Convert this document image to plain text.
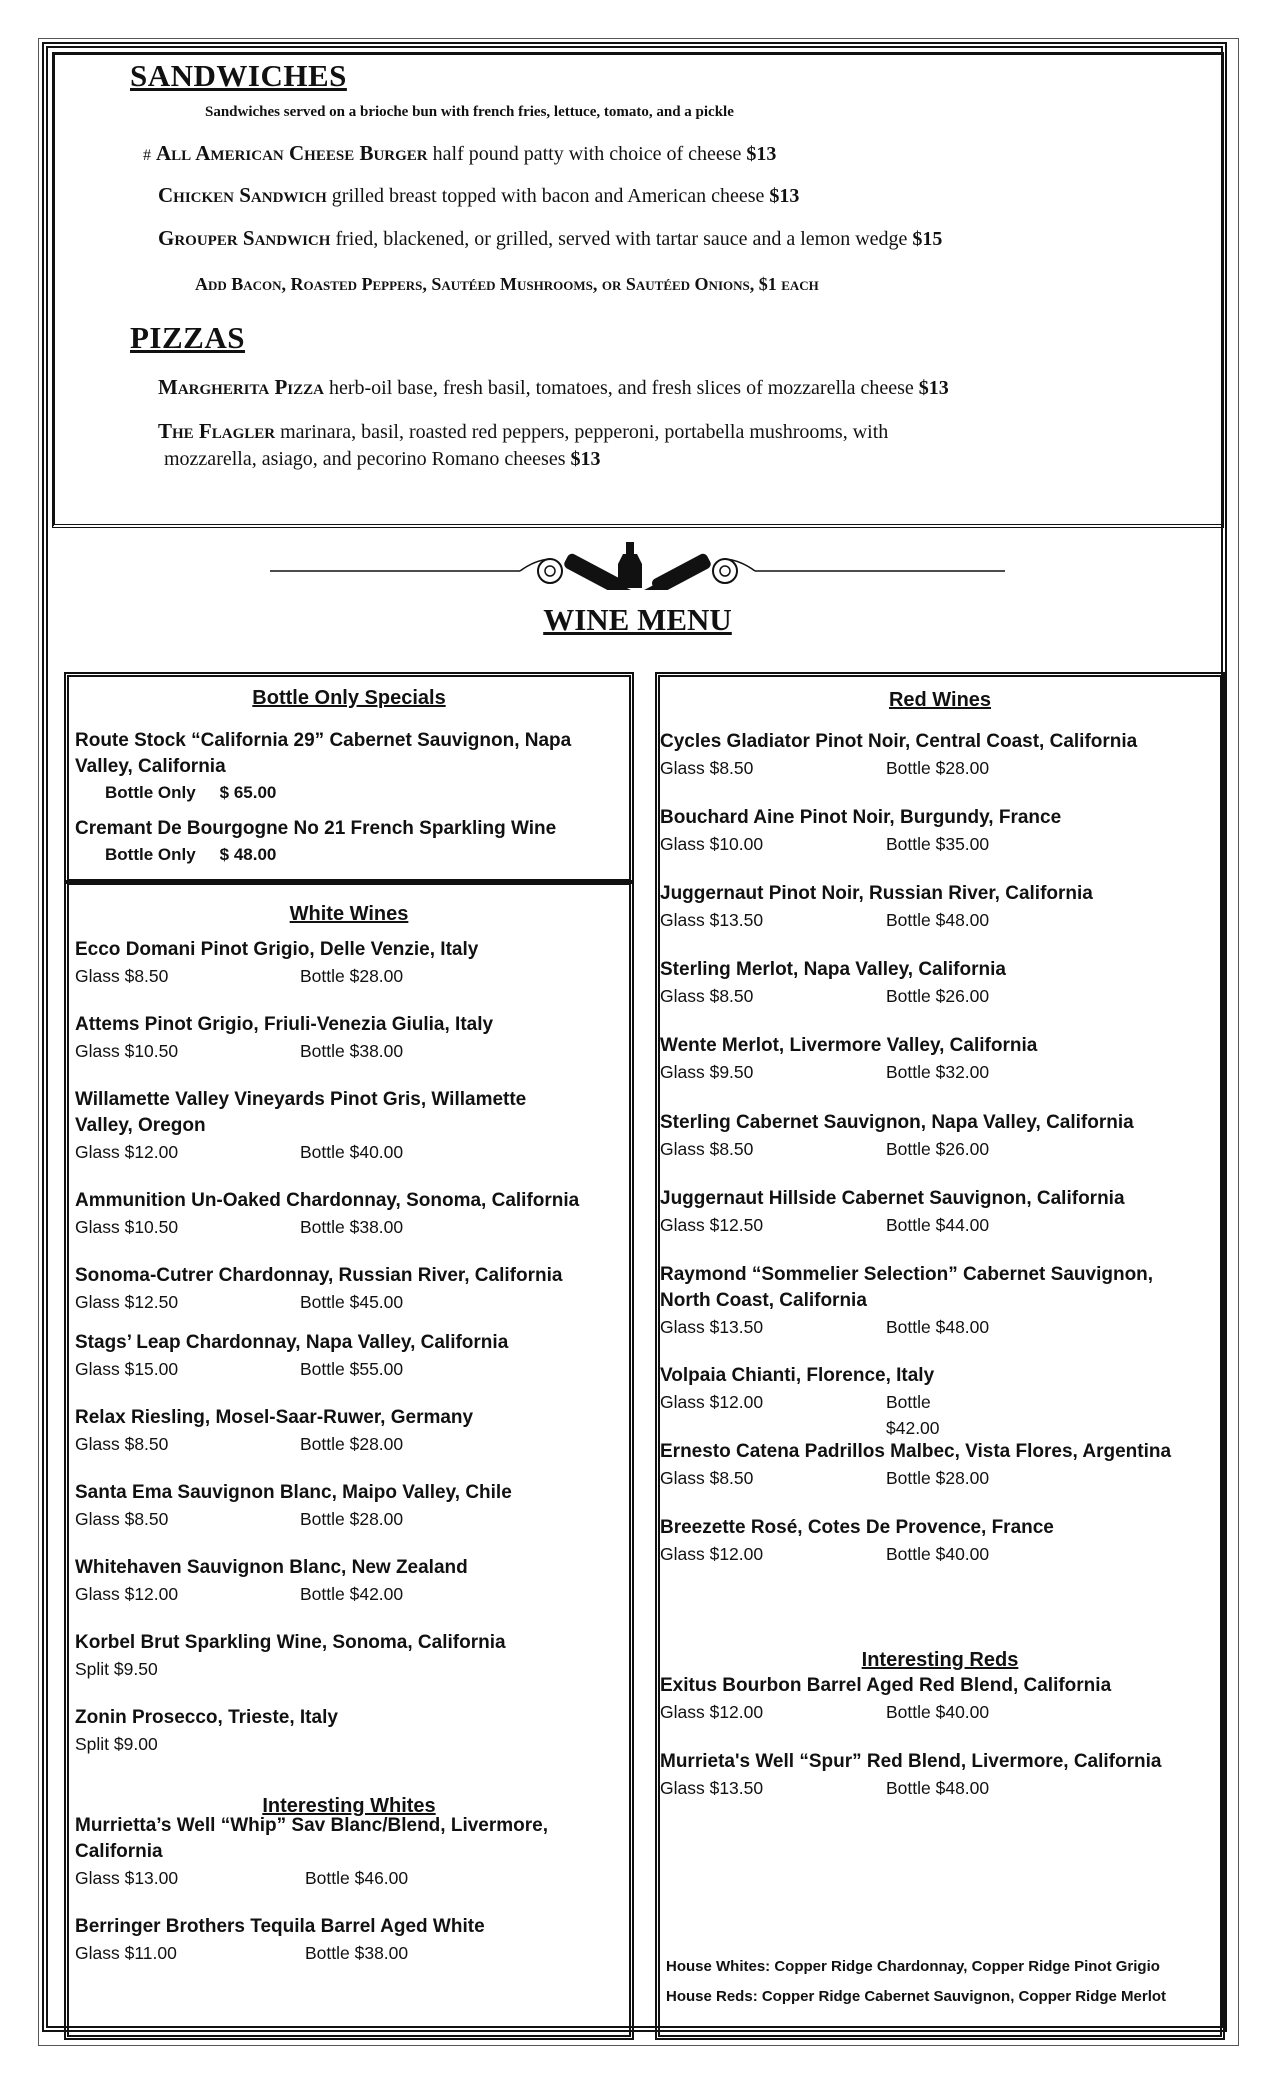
SANDWICHES
Sandwiches served on a brioche bun with french fries, lettuce, tomato, and a pickle
# All American Cheese Burger half pound patty with choice of cheese $13
Chicken Sandwich grilled breast topped with bacon and American cheese $13
Grouper Sandwich fried, blackened, or grilled, served with tartar sauce and a lemon wedge $15
Add Bacon, Roasted Peppers, Sautéed Mushrooms, or Sautéed Onions, $1 each
PIZZAS
Margherita Pizza herb-oil base, fresh basil, tomatoes, and fresh slices of mozzarella cheese $13
The Flagler marinara, basil, roasted red peppers, pepperoni, portabella mushrooms, with
mozzarella, asiago, and pecorino Romano cheeses $13
WINE MENU
Bottle Only Specials
White Wines
Interesting Whites
Red Wines
Interesting Reds
Route Stock “California 29” Cabernet Sauvignon, Napa
Valley, California
Bottle Only $ 65.00
Cremant De Bourgogne No 21 French Sparkling Wine
Bottle Only $ 48.00
Ecco Domani Pinot Grigio, Delle Venzie, Italy
Glass $8.50	Bottle $28.00
Attems Pinot Grigio, Friuli-Venezia Giulia, Italy
Glass $10.50	Bottle $38.00
Willamette Valley Vineyards Pinot Gris, Willamette
Valley, Oregon
Glass $12.00	Bottle $40.00
Ammunition Un-Oaked Chardonnay, Sonoma, California
Glass $10.50	Bottle $38.00
Sonoma-Cutrer Chardonnay, Russian River, California
Glass $12.50	Bottle $45.00
Stags’ Leap Chardonnay, Napa Valley, California
Glass $15.00	Bottle $55.00
Relax Riesling, Mosel-Saar-Ruwer, Germany
Glass $8.50	Bottle $28.00
Santa Ema Sauvignon Blanc, Maipo Valley, Chile
Glass $8.50	Bottle $28.00
Whitehaven Sauvignon Blanc, New Zealand
Glass $12.00	Bottle $42.00
Korbel Brut Sparkling Wine, Sonoma, California
Split $9.50
Zonin Prosecco, Trieste, Italy
Split $9.00
Murrietta’s Well “Whip” Sav Blanc/Blend, Livermore,
California
Glass $13.00	Bottle $46.00
Berringer Brothers Tequila Barrel Aged White
Glass $11.00	Bottle $38.00
Cycles Gladiator Pinot Noir, Central Coast, California
Glass $8.50	Bottle $28.00
Bouchard Aine Pinot Noir, Burgundy, France
Glass $10.00	Bottle $35.00
Juggernaut Pinot Noir, Russian River, California
Glass $13.50	Bottle $48.00
Sterling Merlot, Napa Valley, California
Glass $8.50	Bottle $26.00
Wente Merlot, Livermore Valley, California
Glass $9.50	Bottle $32.00
Sterling Cabernet Sauvignon, Napa Valley, California
Glass $8.50	Bottle $26.00
Juggernaut Hillside Cabernet Sauvignon, California
Glass $12.50	Bottle $44.00
Raymond “Sommelier Selection” Cabernet Sauvignon,
North Coast, California
Glass $13.50	Bottle $48.00
Volpaia Chianti, Florence, Italy
Glass $12.00	Bottle $42.00
Ernesto Catena Padrillos Malbec, Vista Flores, Argentina
Glass $8.50	Bottle $28.00
Breezette Rosé, Cotes De Provence, France
Glass $12.00	Bottle $40.00
Exitus Bourbon Barrel Aged Red Blend, California
Glass $12.00	Bottle $40.00
Murrieta's Well “Spur” Red Blend, Livermore, California
Glass $13.50	Bottle $48.00
House Whites: Copper Ridge Chardonnay, Copper Ridge Pinot Grigio
House Reds: Copper Ridge Cabernet Sauvignon, Copper Ridge Merlot
